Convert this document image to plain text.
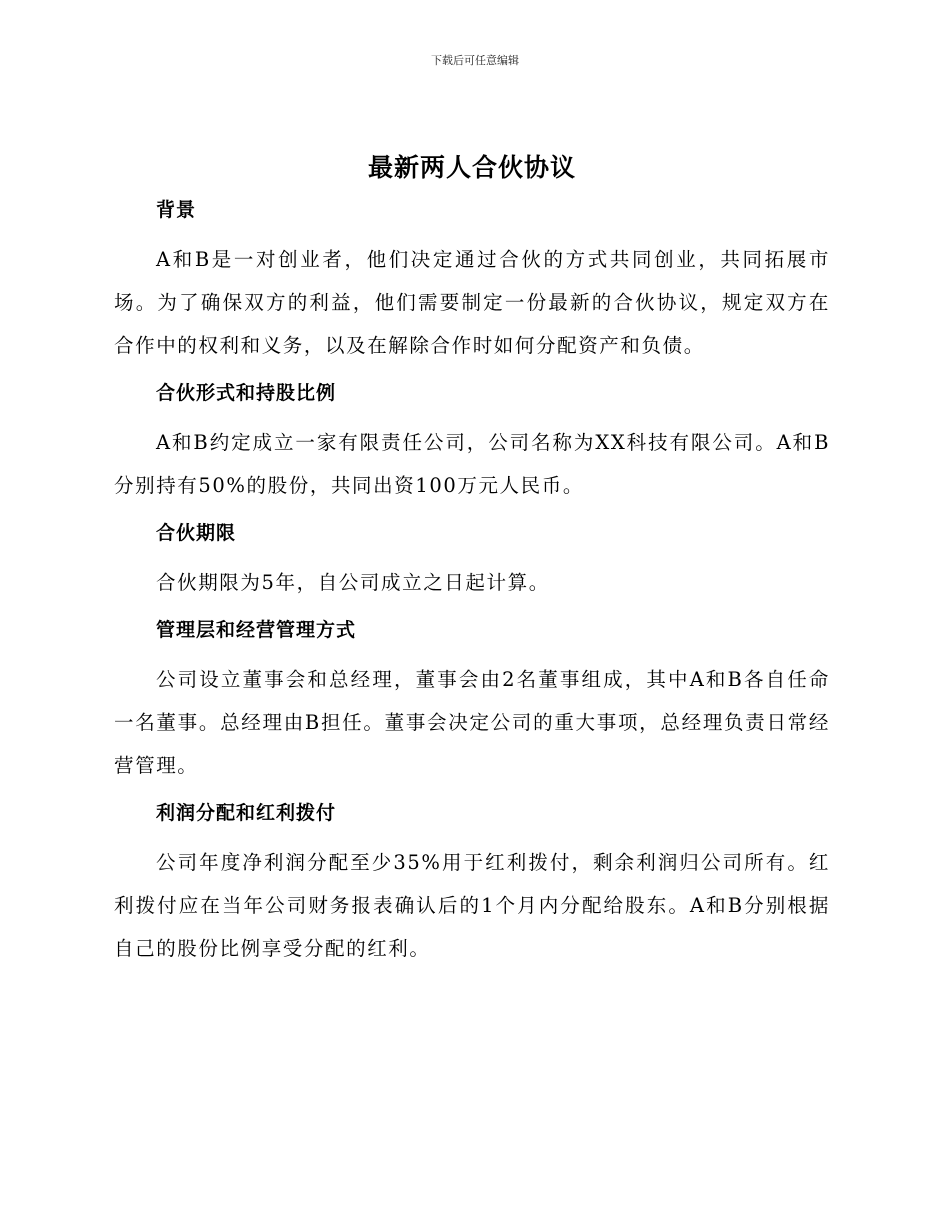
下载后可任意编辑
最新两人合伙协议
背景

A和B是一对创业者，他们决定通过合伙的方式共同创业，共同拓展市场。为了确保双方的利益，他们需要制定一份最新的合伙协议，规定双方在合作中的权利和义务，以及在解除合作时如何分配资产和负债。

合伙形式和持股比例

A和B约定成立一家有限责任公司，公司名称为XX科技有限公司。A和B分别持有50%的股份，共同出资100万元人民币。

合伙期限

合伙期限为5年，自公司成立之日起计算。

管理层和经营管理方式

公司设立董事会和总经理，董事会由2名董事组成，其中A和B各自任命一名董事。总经理由B担任。董事会决定公司的重大事项，总经理负责日常经营管理。

利润分配和红利拨付

公司年度净利润分配至少35%用于红利拨付，剩余利润归公司所有。红利拨付应在当年公司财务报表确认后的1个月内分配给股东。A和B分别根据自己的股份比例享受分配的红利。
